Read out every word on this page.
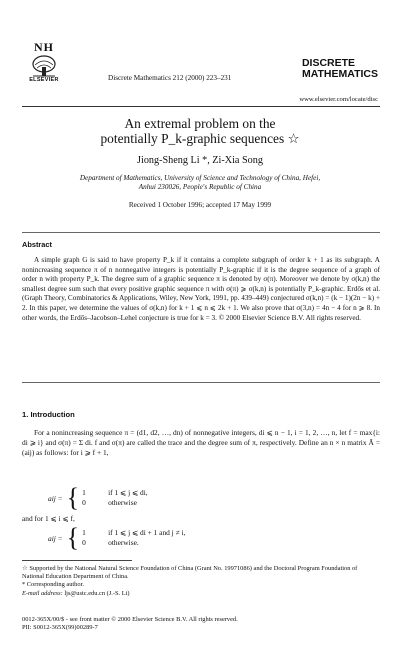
NH
ELSEVIER	Discrete Mathematics 212 (2000) 223–231
DISCRETE
MATHEMATICS
www.elsevier.com/locate/disc
An extremal problem on the
potentially P_k-graphic sequences ☆
Jiong-Sheng Li *, Zi-Xia Song
Department of Mathematics, University of Science and Technology of China, Hefei,
Anhui 230026, People's Republic of China
Received 1 October 1996; accepted 17 May 1999
Abstract
A simple graph G is said to have property P_k if it contains a complete subgraph of order k + 1 as its subgraph. A nonincreasing sequence π of n nonnegative integers is potentially P_k-graphic if it is the degree sequence of a graph of order n with property P_k. The degree sum of a graphic sequence π is denoted by σ(π). Moreover we denote by σ(k,n) the smallest degree sum such that every positive graphic sequence π with σ(π) ⩾ σ(k,n) is potentially P_k-graphic. Erdős et al. (Graph Theory, Combinatorics & Applications, Wiley, New York, 1991, pp. 439–449) conjectured σ(k,n) = (k − 1)(2n − k) + 2. In this paper, we determine the values of σ(k,n) for k + 1 ⩽ n ⩽ 2k + 1. We also prove that σ(3,n) = 4n − 4 for n ⩾ 8. In other words, the Erdős–Jacobson–Lehel conjecture is true for k = 3. © 2000 Elsevier Science B.V. All rights reserved.
1. Introduction
For a nonincreasing sequence π = (d1, d2, …, dn) of nonnegative integers, di ⩽ n − 1, i = 1, 2, …, n, let f = max{i: di ⩾ i} and σ(π) = Σ di. f and σ(π) are called the trace and the degree sum of π, respectively. Define an n × n matrix Ā = (aij) as follows: for i ⩾ f + 1,
aij = { 1	if 1 ⩽ j ⩽ di,
0	otherwise
and for 1 ⩽ i ⩽ f,
aij = { 1	if 1 ⩽ j ⩽ di + 1 and j ≠ i,
0	otherwise.
☆ Supported by the National Natural Science Foundation of China (Grant No. 19971086) and the Doctoral Program Foundation of National Education Department of China.
* Corresponding author.
E-mail address: ljs@ustc.edu.cn (J.-S. Li)
0012-365X/00/$ - see front matter © 2000 Elsevier Science B.V. All rights reserved.
PII: S0012-365X(99)00289-7
